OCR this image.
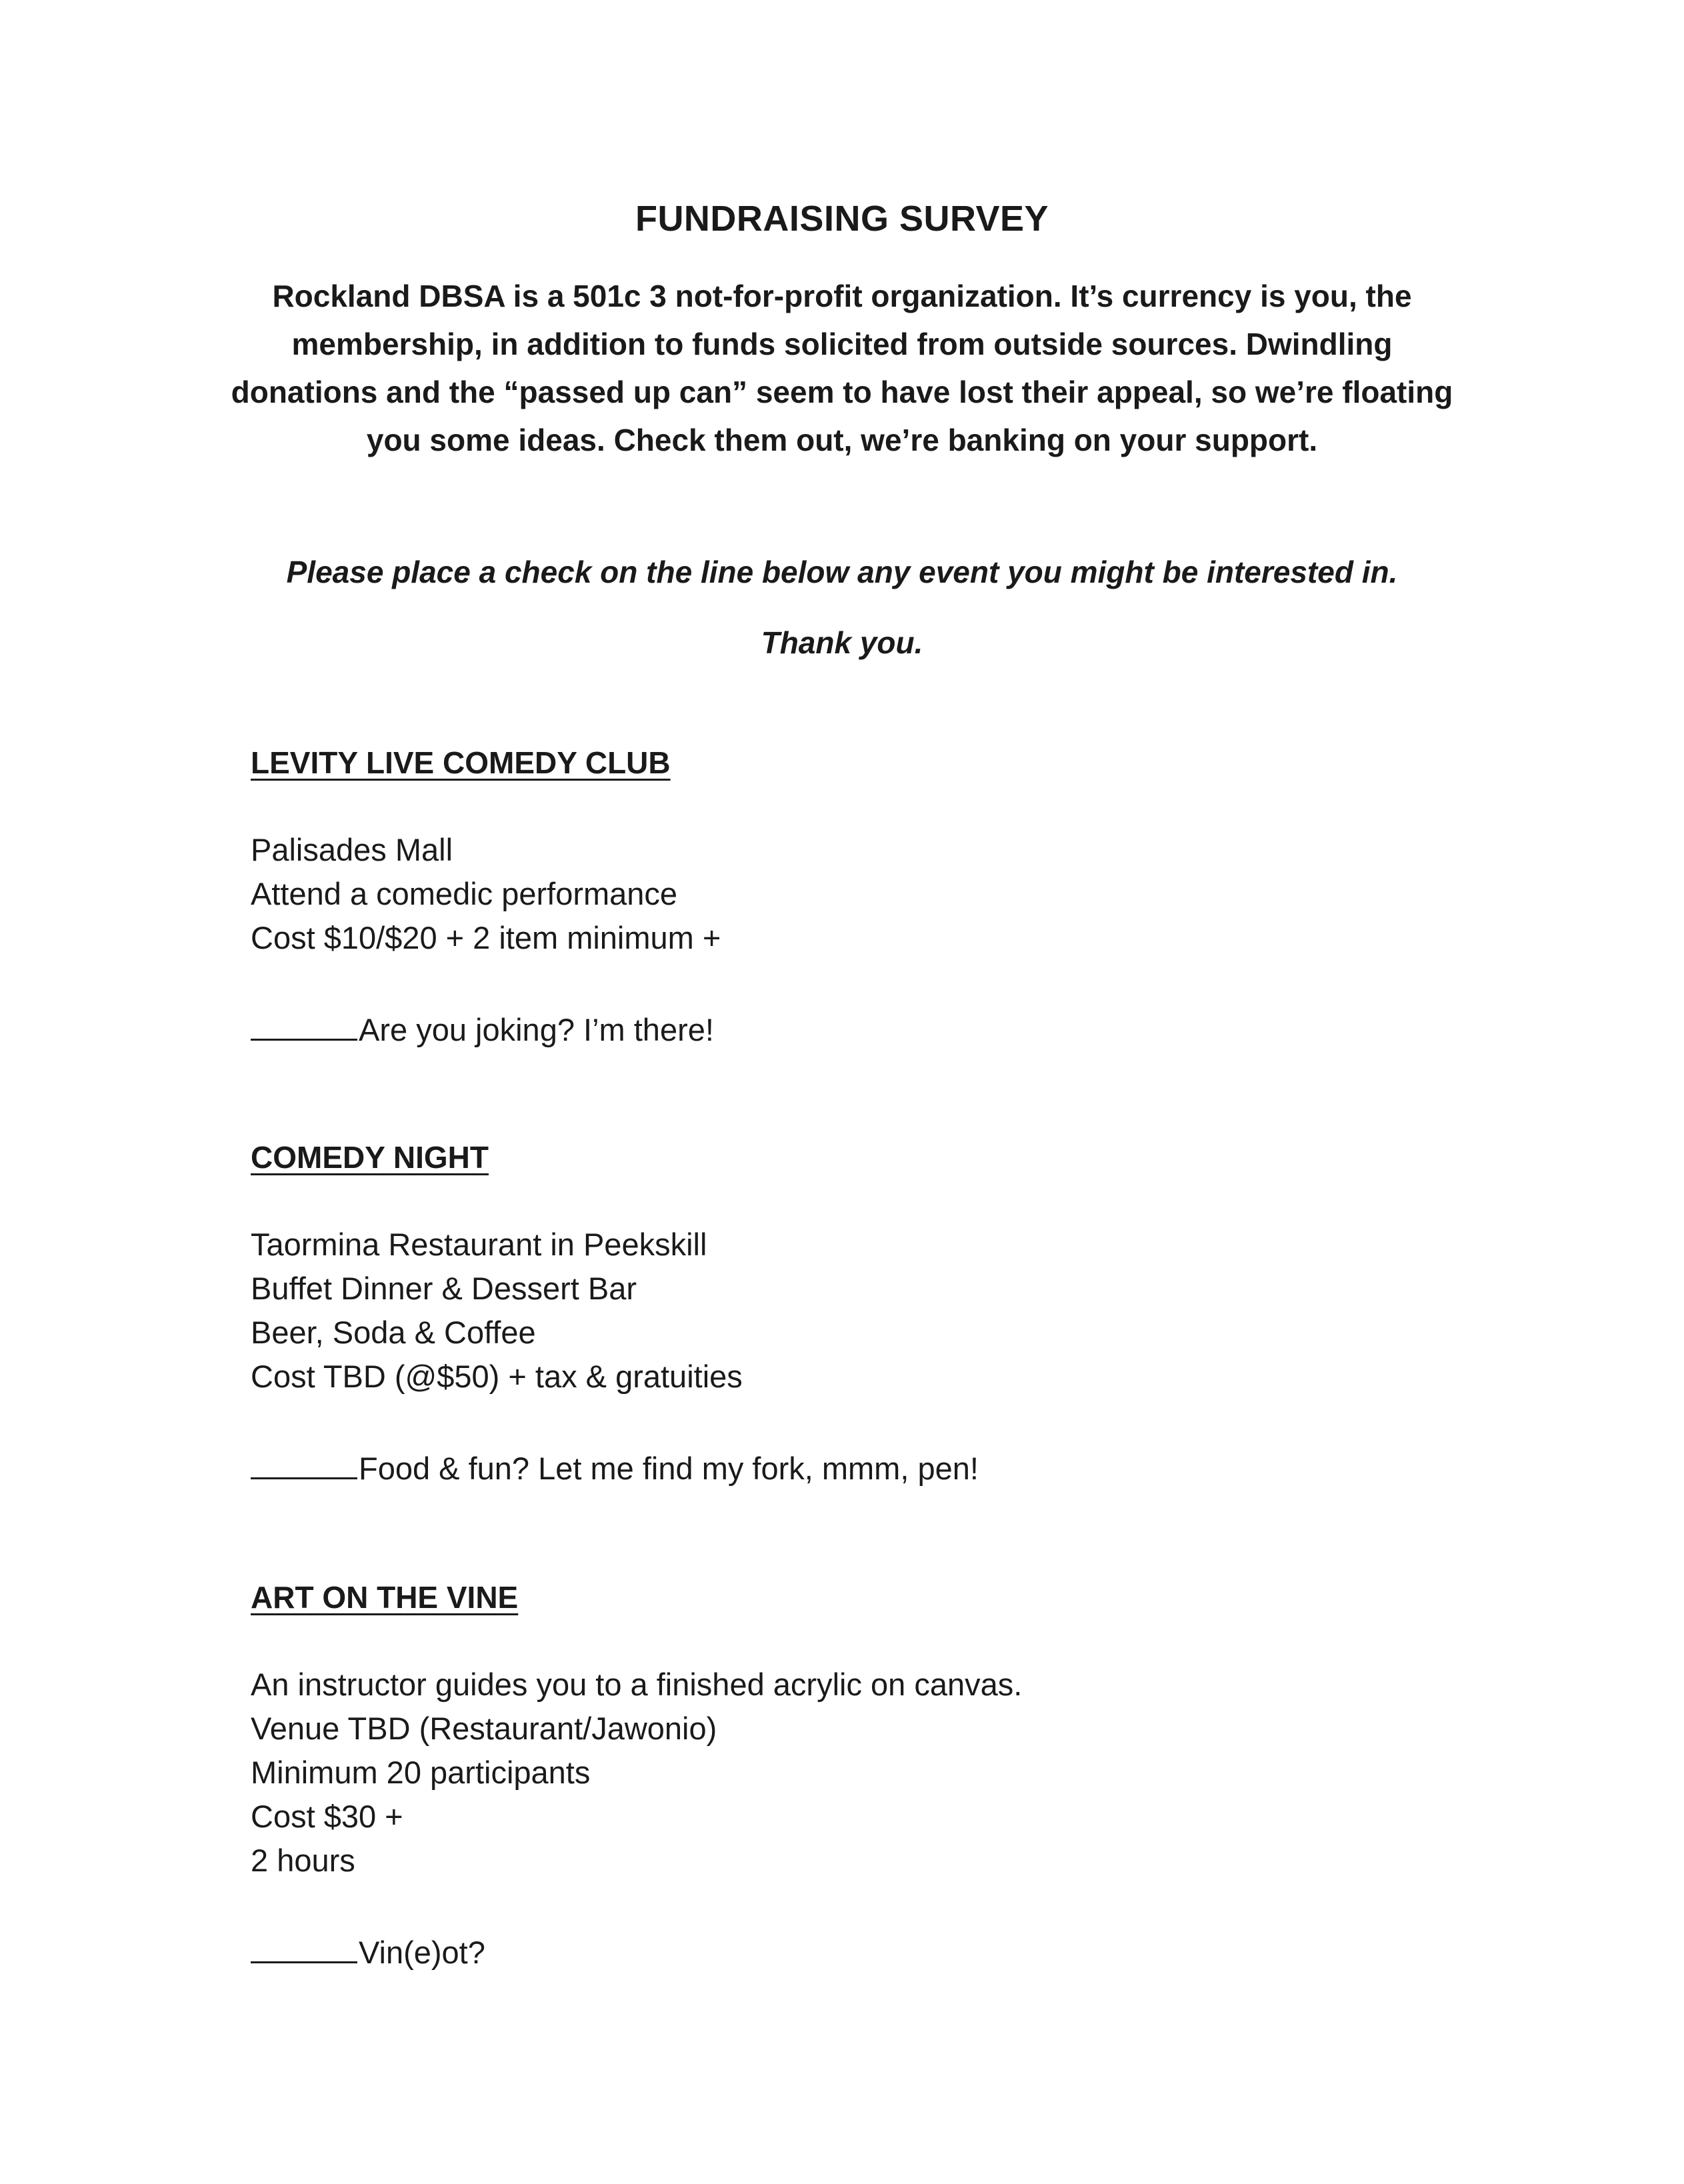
FUNDRAISING SURVEY

Rockland DBSA is a 501c 3 not-for-profit organization. It’s currency is you, the membership, in addition to funds solicited from outside sources. Dwindling donations and the “passed up can” seem to have lost their appeal, so we’re floating you some ideas. Check them out, we’re banking on your support.

Please place a check on the line below any event you might be interested in.
Thank you.
LEVITY LIVE COMEDY CLUB
Palisades Mall
Attend a comedic performance
Cost $10/$20 + 2 item minimum +
Are you joking? I’m there!
COMEDY NIGHT
Taormina Restaurant in Peekskill
Buffet Dinner & Dessert Bar
Beer, Soda & Coffee
Cost TBD (@$50) + tax & gratuities
Food & fun? Let me find my fork, mmm, pen!
ART ON THE VINE
An instructor guides you to a finished acrylic on canvas.
Venue TBD (Restaurant/Jawonio)
Minimum 20 participants
Cost $30 +
2 hours
Vin(e)ot?
